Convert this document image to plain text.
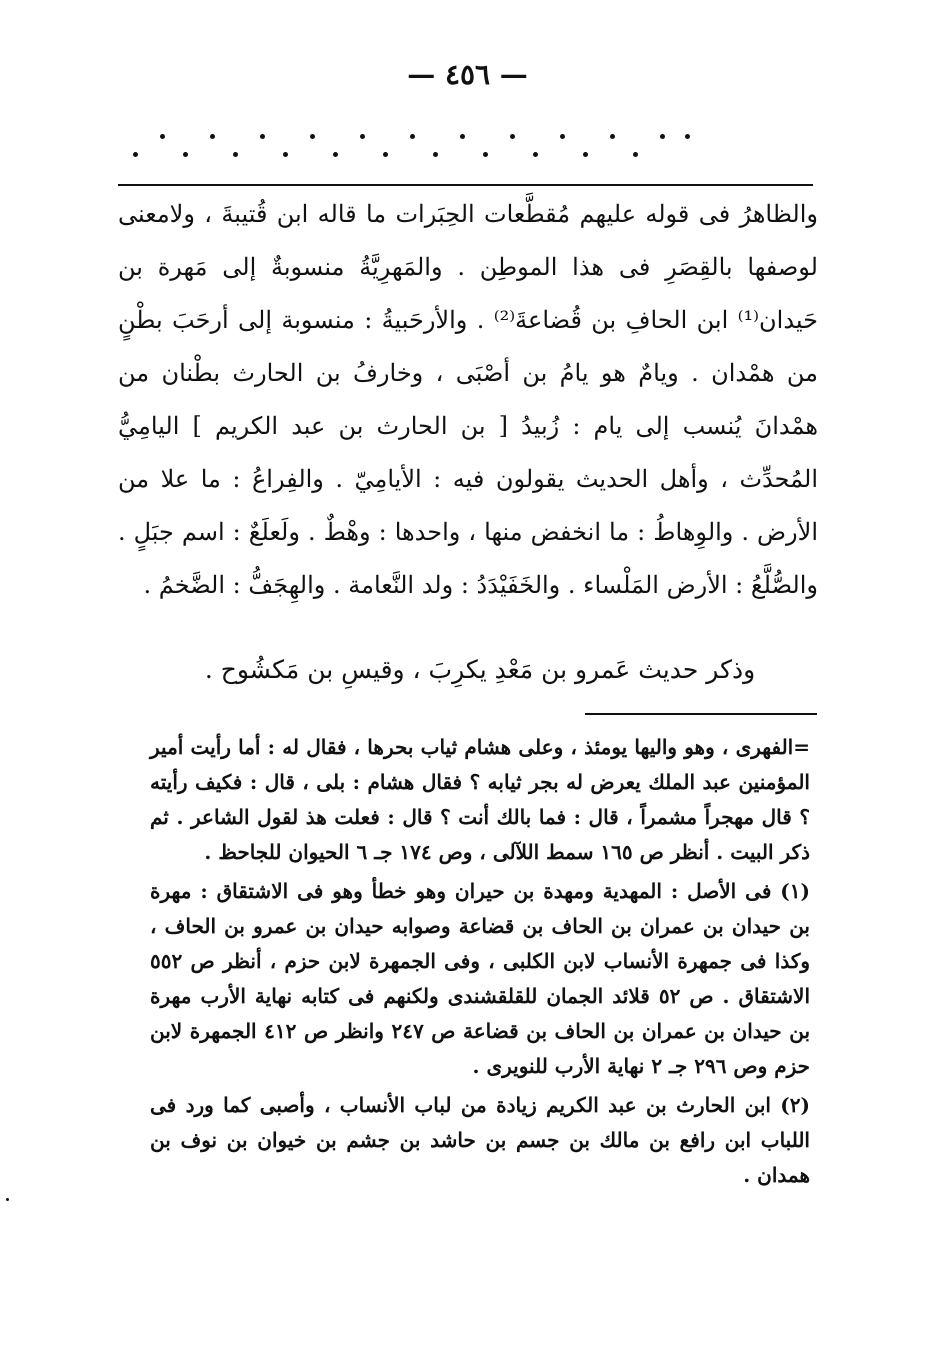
— ٤٥٦ —

والظاهرُ فى قوله عليهم مُقطَّعات الحِبَرات ما قاله ابن قُتيبةَ ، ولامعنى لوصفها بالقِصَرِ فى هذا الموطِن . والمَهرِيَّةُ منسوبةٌ إلى مَهرة بن حَيدان⁽¹⁾ ابن الحافِ بن قُضاعةَ⁽²⁾ . والأرحَبيةُ : منسوبة إلى أرحَبَ بطْنٍ من همْدان . ويامٌ هو يامُ بن أصْبَى ، وخارفُ بن الحارث بطْنان من همْدانَ يُنسب إلى يام : زُبيدُ [ بن الحارث بن عبد الكريم ] اليامِيُّ المُحدِّث ، وأهل الحديث يقولون فيه : الأيامِيّ . والفِراعُ : ما علا من الأرض . والوِهاطُ : ما انخفض منها ، واحدها : وهْطٌ . ولَعلَعٌ : اسم جبَلٍ . والصُّلَّعُ : الأرض المَلْساء . والخَفَيْدَدُ : ولد النَّعامة . والهِجَفُّ : الضَّخمُ .

وذكر حديث عَمرو بن مَعْدِ يكرِبَ ، وقيسِ بن مَكشُوح .

=الفهرى ، وهو واليها يومئذ ، وعلى هشام ثياب بحرها ، فقال له : أما رأيت أمير المؤمنين عبد الملك يعرض له بجر ثيابه ؟ فقال هشام : بلى ، قال : فكيف رأيته ؟ قال مهجراً مشمراً ، قال : فما بالك أنت ؟ قال : فعلت هذ لقول الشاعر . ثم ذكر البيت . أنظر ص ١٦٥ سمط اللآلى ، وص ١٧٤ جـ ٦ الحيوان للجاحظ .

(١) فى الأصل : المهدية ومهدة بن حيران وهو خطأ وهو فى الاشتقاق : مهرة بن حيدان بن عمران بن الحاف بن قضاعة وصوابه حيدان بن عمرو بن الحاف ، وكذا فى جمهرة الأنساب لابن الكلبى ، وفى الجمهرة لابن حزم ، أنظر ص ٥٥٢ الاشتقاق . ص ٥٢ قلائد الجمان للقلقشندى ولكنهم فى كتابه نهاية الأرب مهرة بن حيدان بن عمران بن الحاف بن قضاعة ص ٢٤٧ وانظر ص ٤١٢ الجمهرة لابن حزم وص ٢٩٦ جـ ٢ نهاية الأرب للنويرى .

(٢) ابن الحارث بن عبد الكريم زيادة من لباب الأنساب ، وأصبى كما ورد فى اللباب ابن رافع بن مالك بن جسم بن حاشد بن جشم بن خيوان بن نوف بن همدان .
